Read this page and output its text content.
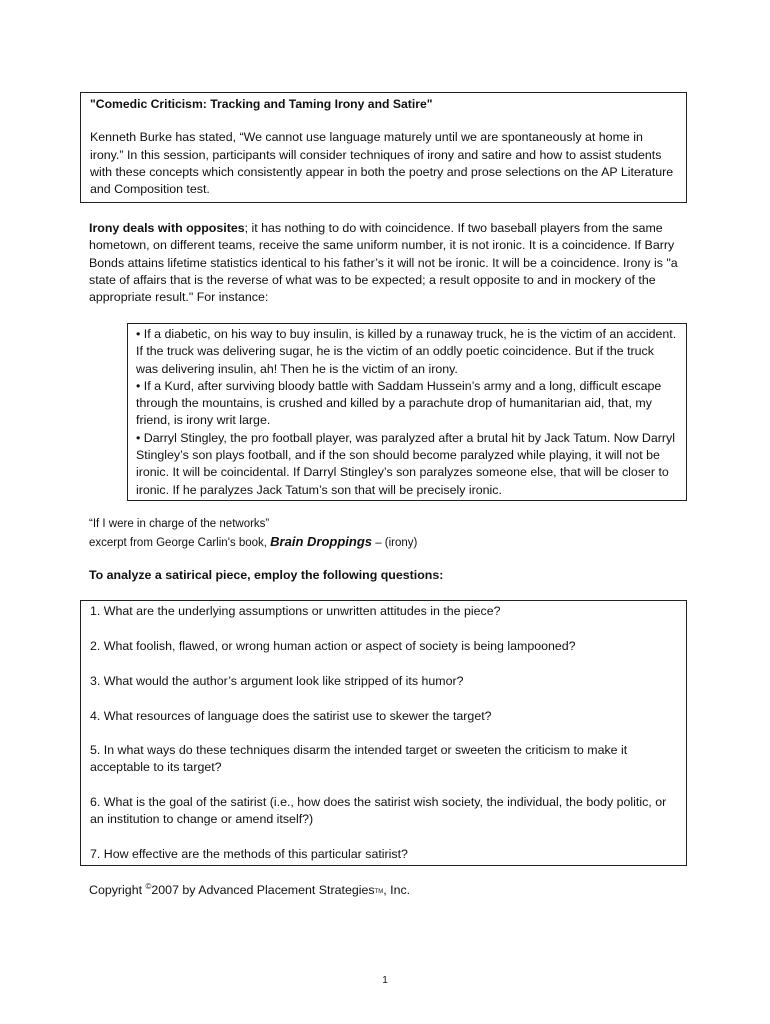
"Comedic Criticism: Tracking and Taming Irony and Satire"

Kenneth Burke has stated, “We cannot use language maturely until we are spontaneously at home in irony.” In this session, participants will consider techniques of irony and satire and how to assist students with these concepts which consistently appear in both the poetry and prose selections on the AP Literature and Composition test.

Irony deals with opposites; it has nothing to do with coincidence. If two baseball players from the same hometown, on different teams, receive the same uniform number, it is not ironic. It is a coincidence. If Barry Bonds attains lifetime statistics identical to his father’s it will not be ironic. It will be a coincidence. Irony is "a state of affairs that is the reverse of what was to be expected; a result opposite to and in mockery of the appropriate result." For instance:

• If a diabetic, on his way to buy insulin, is killed by a runaway truck, he is the victim of an accident. If the truck was delivering sugar, he is the victim of an oddly poetic coincidence. But if the truck was delivering insulin, ah! Then he is the victim of an irony.

• If a Kurd, after surviving bloody battle with Saddam Hussein’s army and a long, difficult escape through the mountains, is crushed and killed by a parachute drop of humanitarian aid, that, my friend, is irony writ large.

• Darryl Stingley, the pro football player, was paralyzed after a brutal hit by Jack Tatum. Now Darryl Stingley’s son plays football, and if the son should become paralyzed while playing, it will not be ironic. It will be coincidental. If Darryl Stingley’s son paralyzes someone else, that will be closer to ironic. If he paralyzes Jack Tatum’s son that will be precisely ironic.

“If I were in charge of the networks”
excerpt from George Carlin's book, Brain Droppings – (irony)
To analyze a satirical piece, employ the following questions:

1. What are the underlying assumptions or unwritten attitudes in the piece?

2. What foolish, flawed, or wrong human action or aspect of society is being lampooned?

3. What would the author’s argument look like stripped of its humor?

4. What resources of language does the satirist use to skewer the target?

5. In what ways do these techniques disarm the intended target or sweeten the criticism to make it acceptable to its target?

6. What is the goal of the satirist (i.e., how does the satirist wish society, the individual, the body politic, or an institution to change or amend itself?)

7. How effective are the methods of this particular satirist?

Copyright ©2007 by Advanced Placement StrategiesTM, Inc.
1
